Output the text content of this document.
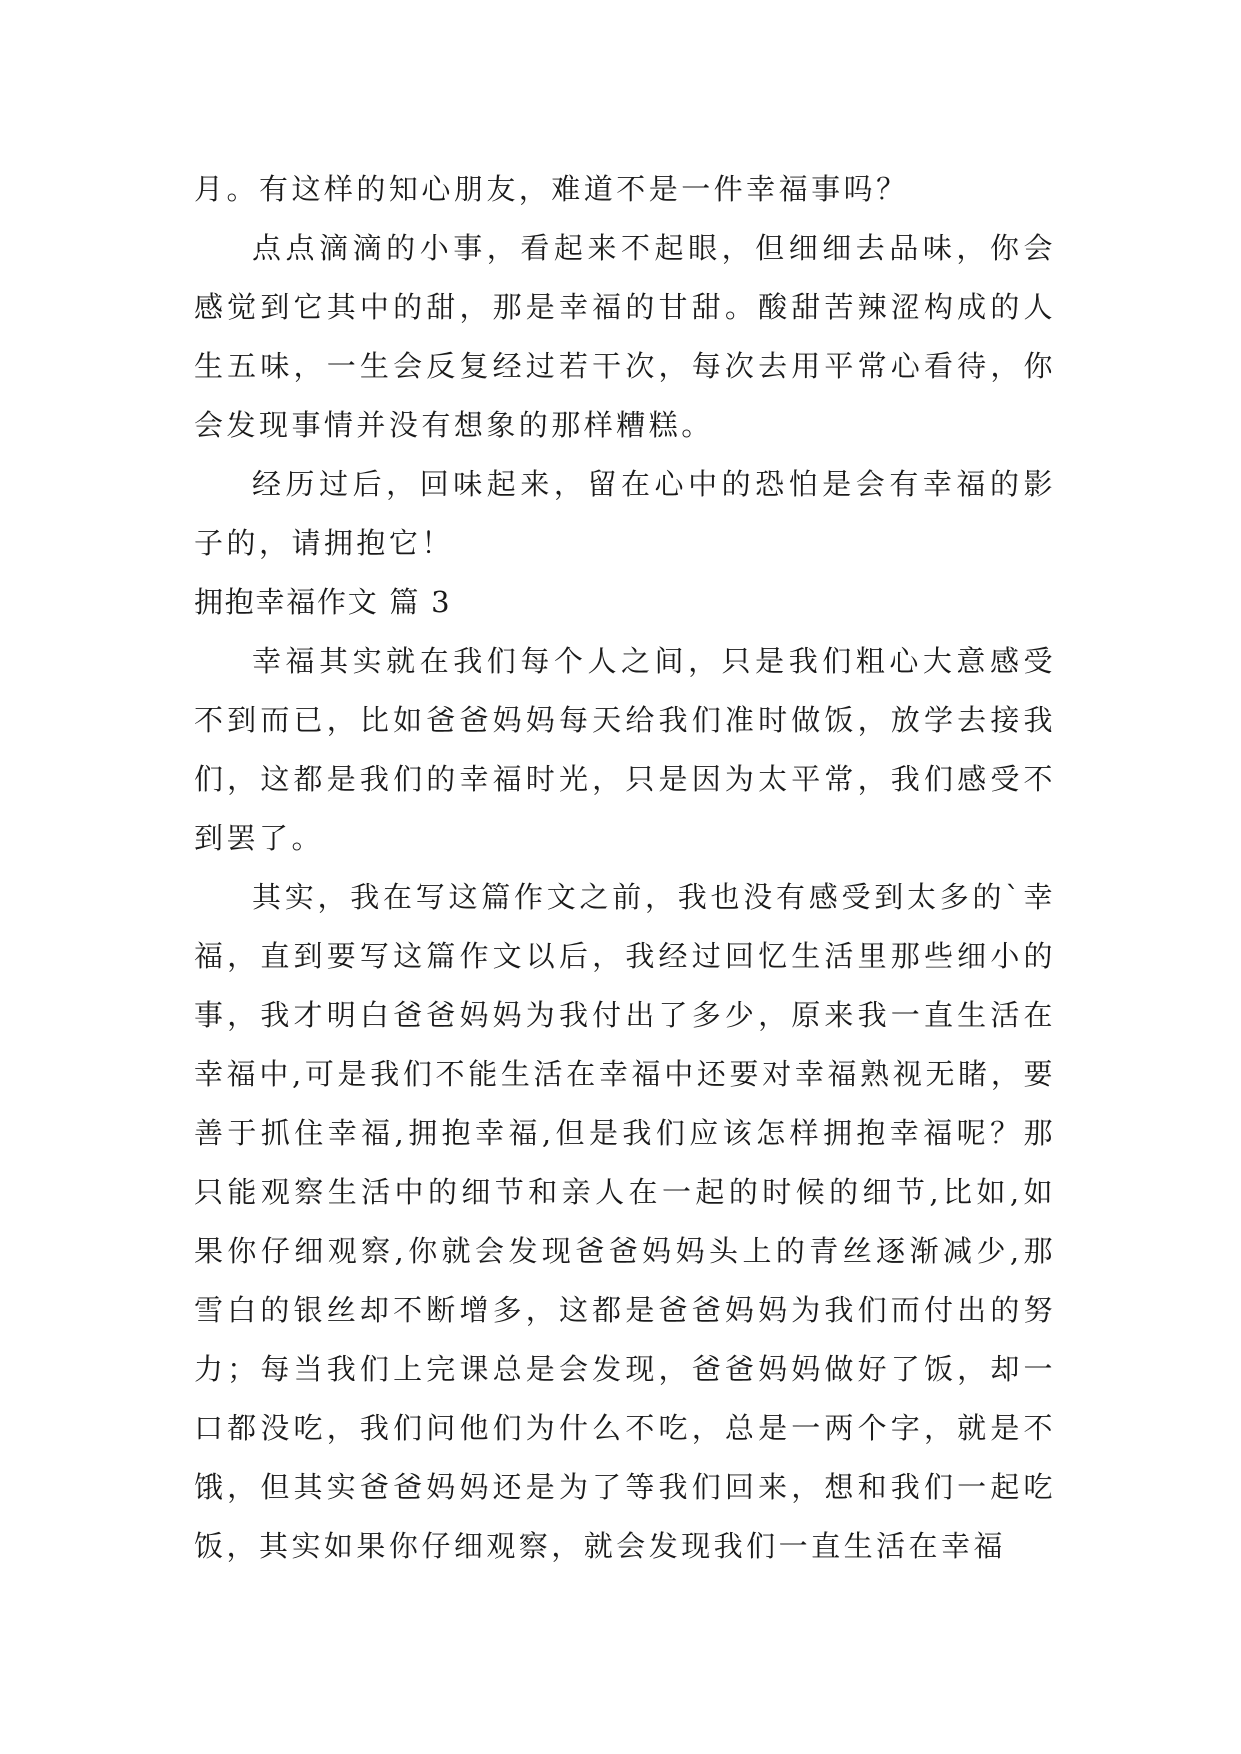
月。有这样的知心朋友，难道不是一件幸福事吗？

点点滴滴的小事，看起来不起眼，但细细去品味，你会感觉到它其中的甜，那是幸福的甘甜。酸甜苦辣涩构成的人生五味，一生会反复经过若干次，每次去用平常心看待，你会发现事情并没有想象的那样糟糕。

经历过后，回味起来，留在心中的恐怕是会有幸福的影子的，请拥抱它！

拥抱幸福作文 篇 3

幸福其实就在我们每个人之间，只是我们粗心大意感受不到而已，比如爸爸妈妈每天给我们准时做饭，放学去接我们，这都是我们的幸福时光，只是因为太平常，我们感受不到罢了。

其实，我在写这篇作文之前，我也没有感受到太多的`幸福，直到要写这篇作文以后，我经过回忆生活里那些细小的事，我才明白爸爸妈妈为我付出了多少，原来我一直生活在幸福中,可是我们不能生活在幸福中还要对幸福熟视无睹，要善于抓住幸福,拥抱幸福,但是我们应该怎样拥抱幸福呢？那只能观察生活中的细节和亲人在一起的时候的细节,比如,如果你仔细观察,你就会发现爸爸妈妈头上的青丝逐渐减少,那雪白的银丝却不断增多，这都是爸爸妈妈为我们而付出的努力；每当我们上完课总是会发现，爸爸妈妈做好了饭，却一口都没吃，我们问他们为什么不吃，总是一两个字，就是不饿，但其实爸爸妈妈还是为了等我们回来，想和我们一起吃饭，其实如果你仔细观察，就会发现我们一直生活在幸福
